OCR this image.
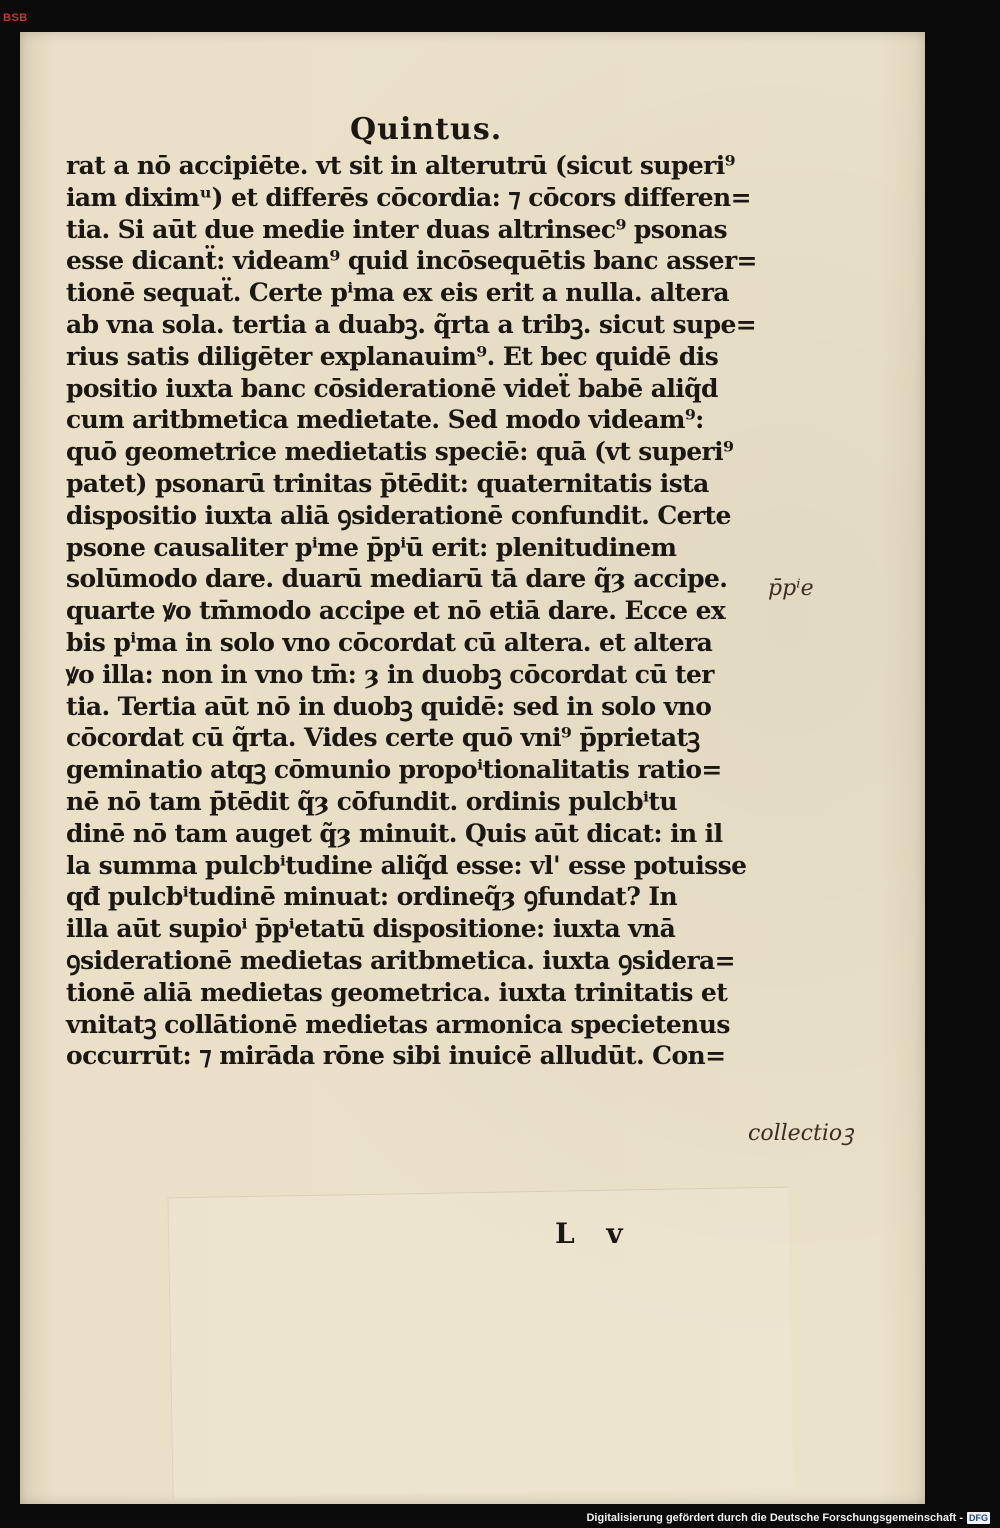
BSB
Quintus.
rat a nō accipiēte. vt sit in alterutrū (sicut superi⁹
iam diximᵘ) et differēs cōcordia: ⁊ cōcors differen=
tia. Si aūt due medie inter duas altrinsec⁹ psonas
esse dicanẗ: videam⁹ quid incōsequētis banc asser=
tionē sequaẗ. Certe pⁱma ex eis erit a nulla. altera
ab vna sola. tertia a duabꝫ. q̃rta a tribꝫ. sicut supe=
rius satis diligēter explanauim⁹. Et bec quidē dis
positio iuxta banc cōsiderationē videẗ babē aliq̃d
cum aritbmetica medietate. Sed modo videam⁹:
quō geometrice medietatis speciē: quā (vt superi⁹
patet) psonarū trinitas p̄tēdit: quaternitatis ista
dispositio iuxta aliā ꝯsiderationē confundit. Certe
psone causaliter pⁱme p̄pⁱū erit: plenitudinem
solūmodo dare. duarū mediarū tā dare q̃ȝ accipe.
quarte ꝟo tm̄modo accipe et nō etiā dare. Ecce ex
bis pⁱma in solo vno cōcordat cū altera. et altera
ꝟo illa: non in vno tm̄: ȝ in duobꝫ cōcordat cū ter
tia. Tertia aūt nō in duobꝫ quidē: sed in solo vno
cōcordat cū q̃rta. Vides certe quō vni⁹ p̄prietatꝫ
geminatio atqꝫ cōmunio propoⁱtionalitatis ratio=
nē nō tam p̄tēdit q̃ȝ cōfundit. ordinis pulcbⁱtu
dinē nō tam auget q̃ȝ minuit. Quis aūt dicat: in il
la summa pulcbⁱtudine aliq̃d esse: vl' esse potuisse
qđ pulcbⁱtudinē minuat: ordineq̃ȝ ꝯfundat? In
illa aūt supioⁱ p̄pⁱetatū dispositione: iuxta vnā
ꝯsiderationē medietas aritbmetica. iuxta ꝯsidera=
tionē aliā medietas geometrica. iuxta trinitatis et
vnitatꝫ collātionē medietas armonica specietenus
occurrūt: ⁊ mirāda rōne sibi inuicē alludūt. Con=
L v
p̄pⁱe
collectioꝫ
Digitalisierung gefördert durch die Deutsche Forschungsgemeinschaft - DFG
